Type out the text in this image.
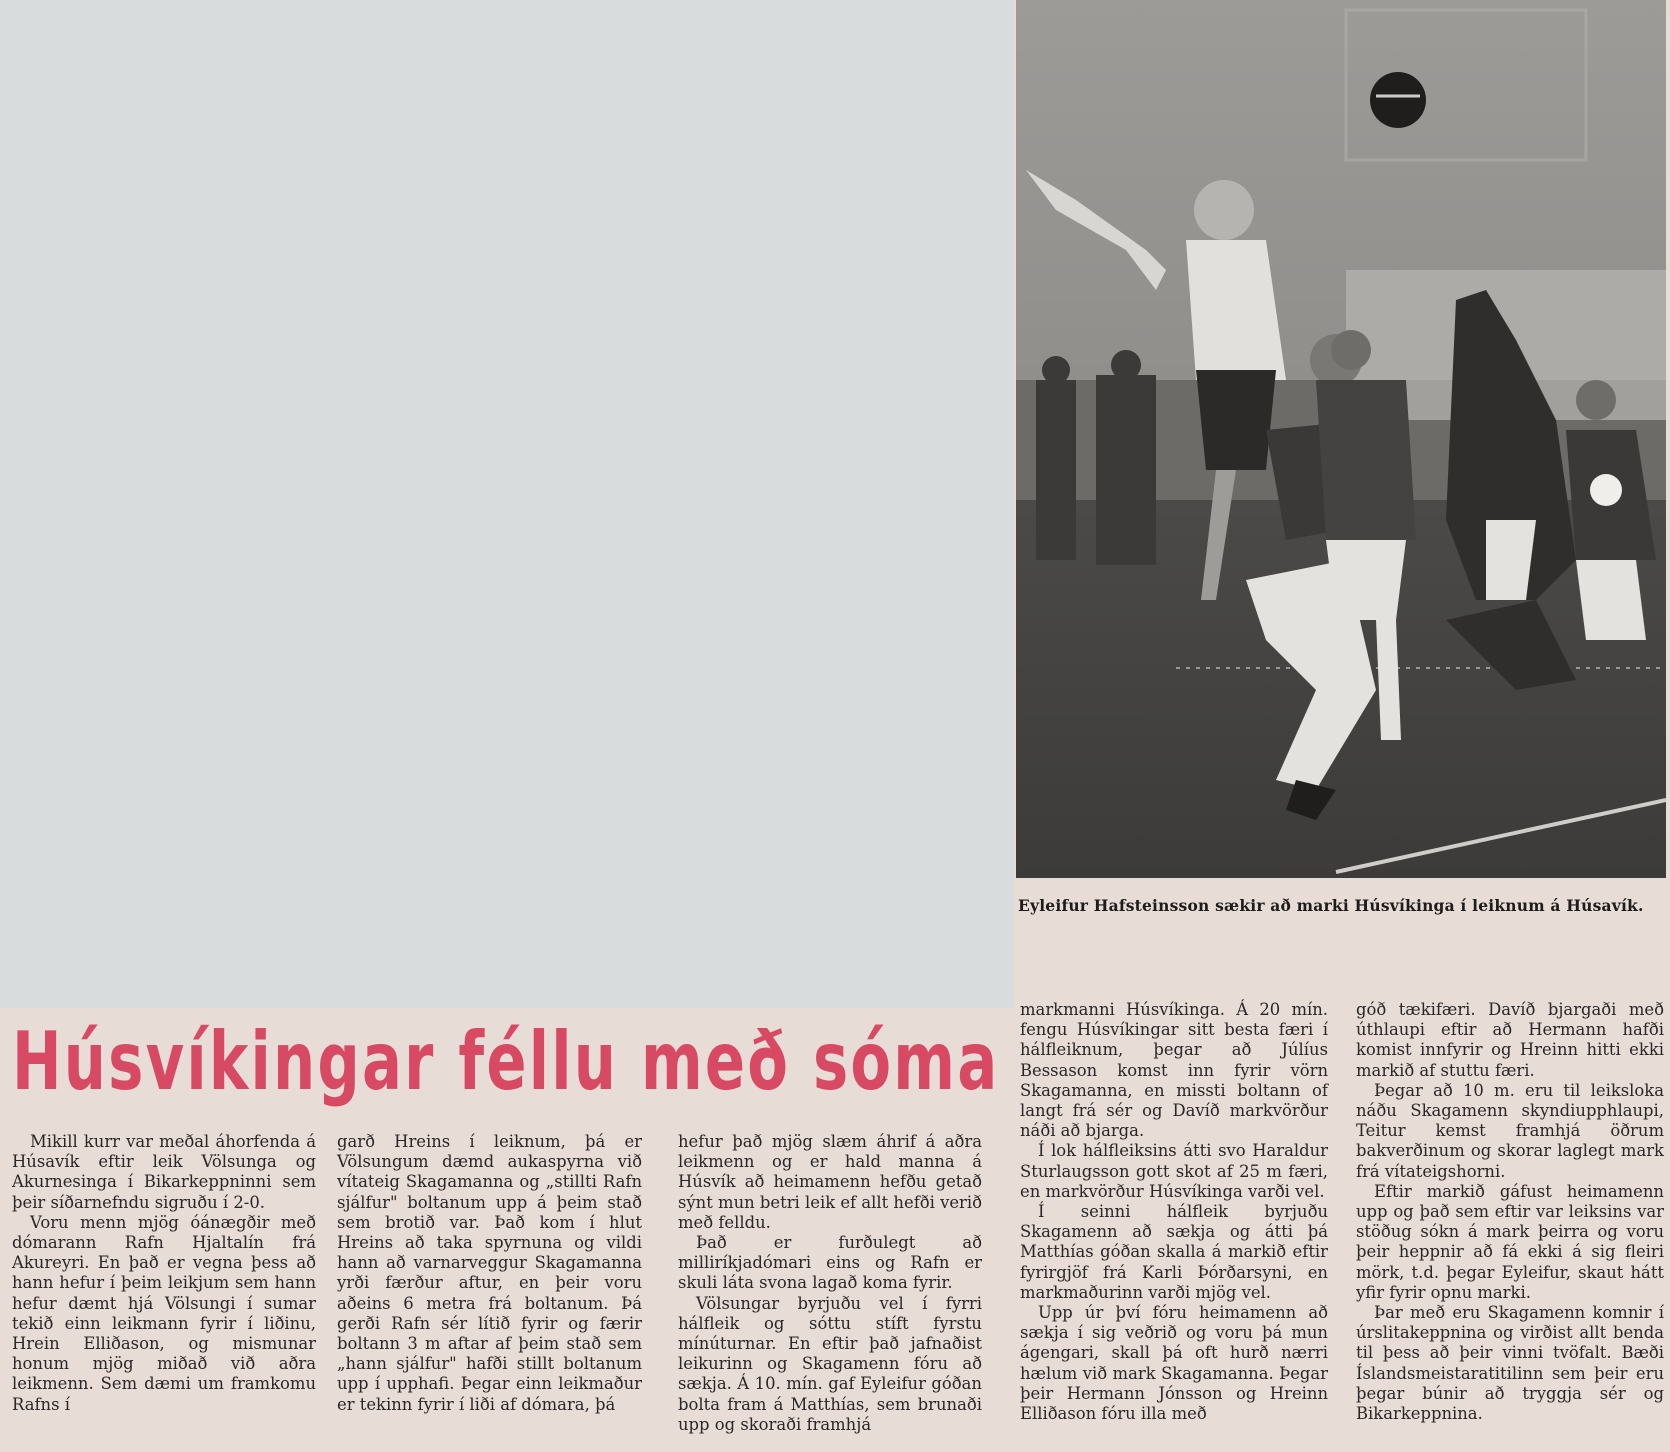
Eyleifur Hafsteinsson sækir að marki Húsvíkinga í leiknum á Húsavík.
Húsvíkingar féllu með sóma

Mikill kurr var meðal áhorfenda á Húsavík eftir leik Völsunga og Akurnesinga í Bikarkeppninni sem þeir síðarnefndu sigruðu í 2-0.

Voru menn mjög óánægðir með dómarann Rafn Hjaltalín frá Akureyri. En það er vegna þess að hann hefur í þeim leikjum sem hann hefur dæmt hjá Völsungi í sumar tekið einn leikmann fyrir í liðinu, Hrein Elliðason, og mismunar honum mjög miðað við aðra leikmenn. Sem dæmi um framkomu Rafns í

garð Hreins í leiknum, þá er Völsungum dæmd aukaspyrna við vítateig Skagamanna og „stillti Rafn sjálfur" boltanum upp á þeim stað sem brotið var. Það kom í hlut Hreins að taka spyrnuna og vildi hann að varnarveggur Skagamanna yrði færður aftur, en þeir voru aðeins 6 metra frá boltanum. Þá gerði Rafn sér lítið fyrir og færir boltann 3 m aftar af þeim stað sem „hann sjálfur" hafði stillt boltanum upp í upphafi. Þegar einn leikmaður er tekinn fyrir í liði af dómara, þá

hefur það mjög slæm áhrif á aðra leikmenn og er hald manna á Húsvík að heimamenn hefðu getað sýnt mun betri leik ef allt hefði verið með felldu.

Það er furðulegt að milliríkjadómari eins og Rafn er skuli láta svona lagað koma fyrir.

Völsungar byrjuðu vel í fyrri hálfleik og sóttu stíft fyrstu mínúturnar. En eftir það jafnaðist leikurinn og Skagamenn fóru að sækja. Á 10. mín. gaf Eyleifur góðan bolta fram á Matthías, sem brunaði upp og skoraði framhjá

markmanni Húsvíkinga. Á 20 mín. fengu Húsvíkingar sitt besta færi í hálfleiknum, þegar að Júlíus Bessason komst inn fyrir vörn Skagamanna, en missti boltann of langt frá sér og Davíð markvörður náði að bjarga.

Í lok hálfleiksins átti svo Haraldur Sturlaugsson gott skot af 25 m færi, en markvörður Húsvíkinga varði vel.

Í seinni hálfleik byrjuðu Skagamenn að sækja og átti þá Matthías góðan skalla á markið eftir fyrirgjöf frá Karli Þórðarsyni, en markmaðurinn varði mjög vel.

Upp úr því fóru heimamenn að sækja í sig veðrið og voru þá mun ágengari, skall þá oft hurð nærri hælum við mark Skagamanna. Þegar þeir Hermann Jónsson og Hreinn Elliðason fóru illa með

góð tækifæri. Davíð bjargaði með úthlaupi eftir að Hermann hafði komist innfyrir og Hreinn hitti ekki markið af stuttu færi.

Þegar að 10 m. eru til leiksloka náðu Skagamenn skyndiupphlaupi, Teitur kemst framhjá öðrum bakverðinum og skorar laglegt mark frá vítateigshorni.

Eftir markið gáfust heimamenn upp og það sem eftir var leiksins var stöðug sókn á mark þeirra og voru þeir heppnir að fá ekki á sig fleiri mörk, t.d. þegar Eyleifur, skaut hátt yfir fyrir opnu marki.

Þar með eru Skagamenn komnir í úrslitakeppnina og virðist allt benda til þess að þeir vinni tvöfalt. Bæði Íslandsmeistaratitilinn sem þeir eru þegar búnir að tryggja sér og Bikarkeppnina.
